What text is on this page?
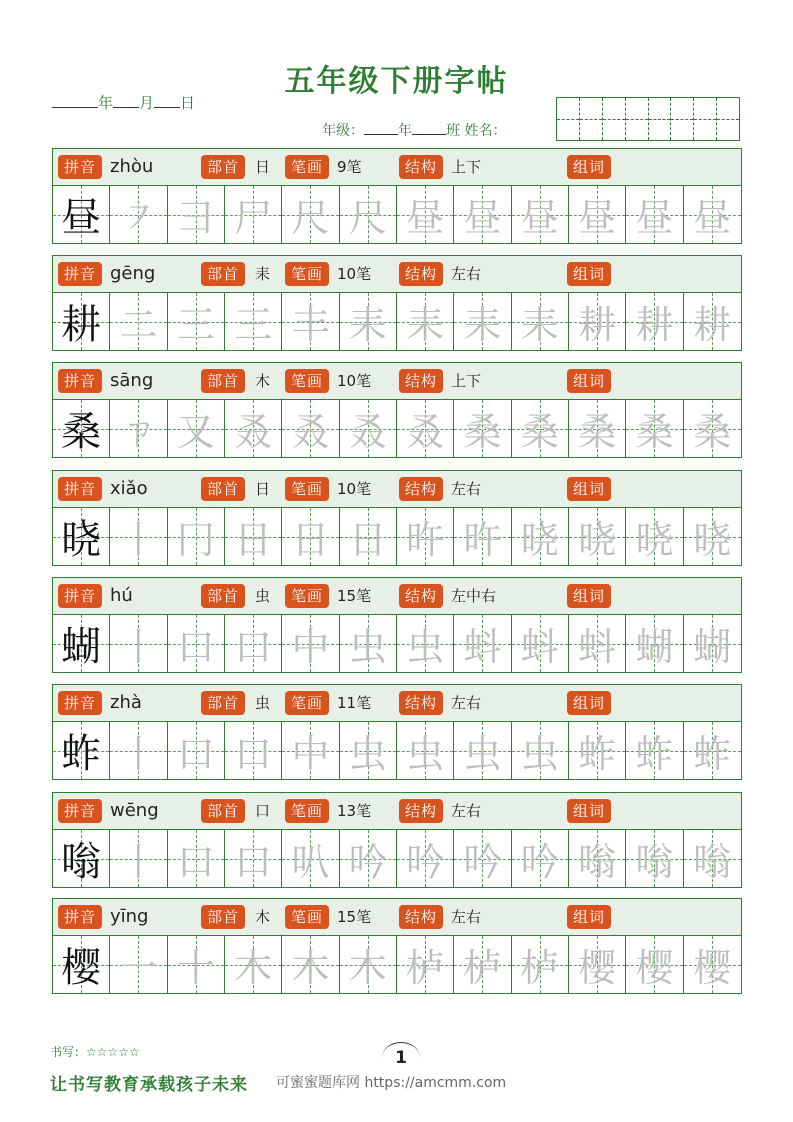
五年级下册字帖
年 月 日
年级： 年 班 姓名：
拼音	部首	笔画	结构	组词
zhòu	日	9笔	上下
昼 ㇇ ⺕ 尸 尺 尺 昼 昼 昼 昼 昼 昼
拼音	部首	笔画	结构	组词
gēng	耒	10笔	左右
耕 二 三 三 丰 耒 耒 耒 耒 耕 耕 耕
拼音	部首	笔画	结构	组词
sāng	木	10笔	上下
桑 ㄗ 又 叒 叒 叒 叒 桑 桑 桑 桑 桑
拼音	部首	笔画	结构	组词
xiǎo	日	10笔	左右
晓 丨 冂 日 日 日 旿 旿 晓 晓 晓 晓
拼音	部首	笔画	结构	组词
hú	虫	15笔	左中右
蝴 丨 口 口 中 虫 虫 蚪 蚪 蚪 蝴 蝴
拼音	部首	笔画	结构	组词
zhà	虫	11笔	左右
蚱 丨 口 口 中 虫 虫 虫 虫 蚱 蚱 蚱
拼音	部首	笔画	结构	组词
wēng	口	13笔	左右
嗡 丨 口 口 叭 吟 吟 吟 吟 嗡 嗡 嗡
拼音	部首	笔画	结构	组词
yīng	木	15笔	左右
樱 一 十 木 木 木 栌 栌 栌 樱 樱 樱
书写：☆☆☆☆☆
让书写教育承载孩子未来
1
可蜜蜜题库网 https://amcmm.com
